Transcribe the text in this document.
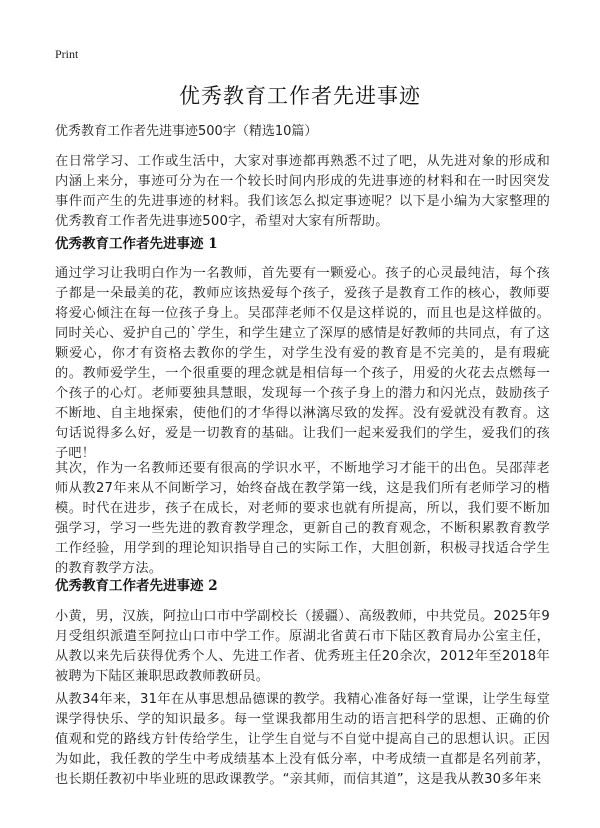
Print
优秀教育工作者先进事迹
优秀教育工作者先进事迹500字（精选10篇）

在日常学习、工作或生活中，大家对事迹都再熟悉不过了吧，从先进对象的形成和内涵上来分，事迹可分为在一个较长时间内形成的先进事迹的材料和在一时因突发事件而产生的先进事迹的材料。我们该怎么拟定事迹呢？以下是小编为大家整理的优秀教育工作者先进事迹500字，希望对大家有所帮助。

优秀教育工作者先进事迹 1

通过学习让我明白作为一名教师，首先要有一颗爱心。孩子的心灵最纯洁，每个孩子都是一朵最美的花，教师应该热爱每个孩子，爱孩子是教育工作的核心，教师要将爱心倾注在每一位孩子身上。吴邵萍老师不仅是这样说的，而且也是这样做的。同时关心、爱护自己的`学生，和学生建立了深厚的感情是好教师的共同点，有了这颗爱心，你才有资格去教你的学生，对学生没有爱的教育是不完美的，是有瑕疵的。教师爱学生，一个很重要的理念就是相信每一个孩子，用爱的火花去点燃每一个孩子的心灯。老师要独具慧眼，发现每一个孩子身上的潜力和闪光点，鼓励孩子不断地、自主地探索，使他们的才华得以淋漓尽致的发挥。没有爱就没有教育。这句话说得多么好，爱是一切教育的基础。让我们一起来爱我们的学生，爱我们的孩子吧！

其次，作为一名教师还要有很高的学识水平，不断地学习才能干的出色。吴邵萍老师从教27年来从不间断学习，始终奋战在教学第一线，这是我们所有老师学习的楷模。时代在进步，孩子在成长，对老师的要求也就有所提高，所以，我们要不断加强学习，学习一些先进的教育教学理念，更新自己的教育观念，不断积累教育教学工作经验，用学到的理论知识指导自己的实际工作，大胆创新，积极寻找适合学生的教育教学方法。

优秀教育工作者先进事迹 2

小黄，男，汉族，阿拉山口市中学副校长（援疆）、高级教师，中共党员。2025年9月受组织派遣至阿拉山口市中学工作。原湖北省黄石市下陆区教育局办公室主任，从教以来先后获得优秀个人、先进工作者、优秀班主任20余次，2012年至2018年被聘为下陆区兼职思政教师教研员。

从教34年来，31年在从事思想品德课的教学。我精心准备好每一堂课，让学生每堂课学得快乐、学的知识最多。每一堂课我都用生动的语言把科学的思想、正确的价值观和党的路线方针传给学生，让学生自觉与不自觉中提高自己的思想认识。正因为如此，我任教的学生中考成绩基本上没有低分率，中考成绩一直都是名列前茅，也长期任教初中毕业班的思政课教学。“亲其师，而信其道”，这是我从教30多年来
